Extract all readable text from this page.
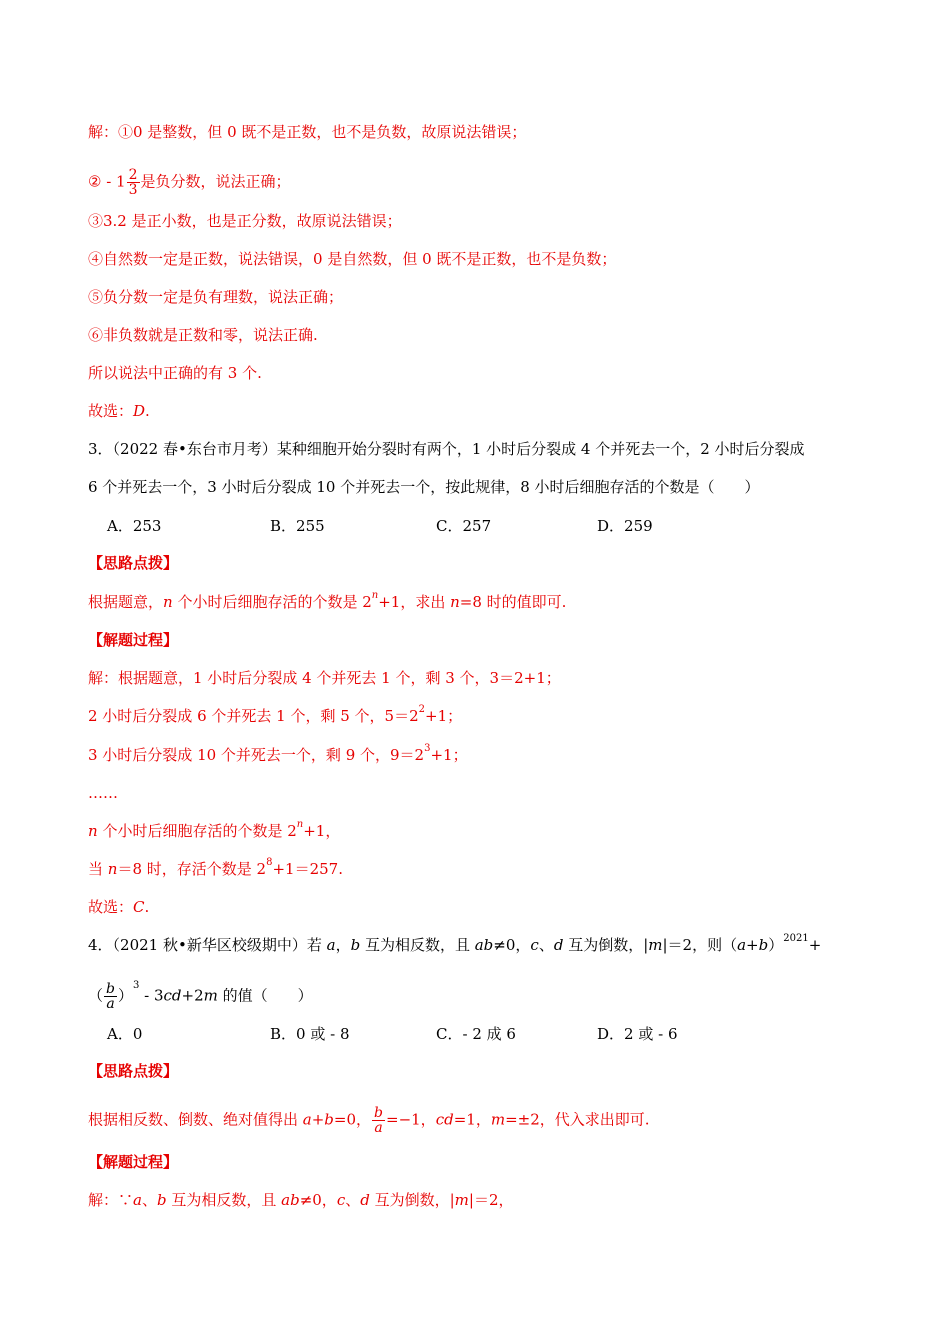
解：①0 是整数，但 0 既不是正数，也不是负数，故原说法错误；
② - $1 \frac{2}{3}$ 是负分数，说法正确；
③3.2 是正小数，也是正分数，故原说法错误；
④自然数一定是正数，说法错误，0 是自然数，但 0 既不是正数，也不是负数；
⑤负分数一定是负有理数，说法正确；
⑥非负数就是正数和零，说法正确.
所以说法中正确的有 3 个.
故选：D.
3．（2022 春•东台市月考）某种细胞开始分裂时有两个，1 小时后分裂成 4 个并死去一个，2 小时后分裂成
6 个并死去一个，3 小时后分裂成 10 个并死去一个，按此规律，8 小时后细胞存活的个数是（　　）
A．253	B．255	C．257	D．259
【思路点拨】
根据题意，n 个小时后细胞存活的个数是 $2^n+1$，求出 n=8 时的值即可.
【解题过程】
解：根据题意，1 小时后分裂成 4 个并死去 1 个，剩 3 个，3＝2+1；
2 小时后分裂成 6 个并死去 1 个，剩 5 个，$5=2^2+1$；
3 小时后分裂成 10 个并死去一个，剩 9 个，$9=2^3+1$；
……
n 个小时后细胞存活的个数是 $2^n+1$，
当 n＝8 时，存活个数是 $2^8+1=257$.
故选：C.
4．（2021 秋•新华区校级期中）若 a，b 互为相反数，且 ab≠0，c、d 互为倒数，|m|＝2，则$(a+b)^{2021}+$
（ $\frac{b}{a} )^3 - 3cd+2m$ 的值（　　）
A．0	B．0 或 - 8	C．- 2 成 6	D．2 或 - 6
【思路点拨】
根据相反数、倒数、绝对值得出 a+b=0， $\frac{b}{a} =-1$，cd=1，m=±2，代入求出即可.
【解题过程】
解：∵a、b 互为相反数，且 ab≠0，c、d 互为倒数，|m|＝2，
